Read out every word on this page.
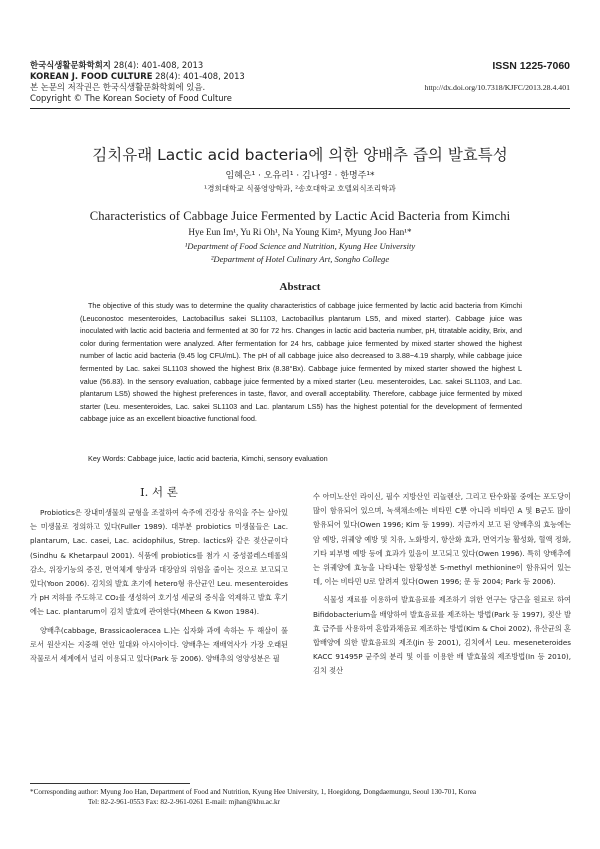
한국식생활문화학회지 28(4): 401-408, 2013
KOREAN J. FOOD CULTURE 28(4): 401-408, 2013
본 논문의 저작권은 한국식생활문화학회에 있음.
Copyright © The Korean Society of Food Culture
ISSN 1225-7060
http://dx.doi.org/10.7318/KJFC/2013.28.4.401
김치유래 Lactic acid bacteria에 의한 양배추 즙의 발효특성
임혜은¹ · 오유리¹ · 김나영² · 한명주¹*
¹경희대학교 식품영양학과, ²송호대학교 호텔외식조리학과
Characteristics of Cabbage Juice Fermented by Lactic Acid Bacteria from Kimchi
Hye Eun Im¹, Yu Ri Oh¹, Na Young Kim², Myung Joo Han¹*
¹Department of Food Science and Nutrition, Kyung Hee University
²Department of Hotel Culinary Art, Songho College
Abstract
The objective of this study was to determine the quality characteristics of cabbage juice fermented by lactic acid bacteria from Kimchi (Leuconostoc mesenteroides, Lactobacillus sakei SL1103, Lactobacillus plantarum LS5, and mixed starter). Cabbage juice was inoculated with lactic acid bacteria and fermented at 30 for 72 hrs. Changes in lactic acid bacteria number, pH, titratable acidity, Brix, and color during fermentation were analyzed. After fermentation for 24 hrs, cabbage juice fermented by mixed starter showed the highest number of lactic acid bacteria (9.45 log CFU/mL). The pH of all cabbage juice also decreased to 3.88~4.19 sharply, while cabbage juice fermented by Lac. sakei SL1103 showed the highest Brix (8.38°Bx). Cabbage juice fermented by mixed starter showed the highest L value (56.83). In the sensory evaluation, cabbage juice fermented by a mixed starter (Leu. mesenteroides, Lac. sakei SL1103, and Lac. plantarum LS5) showed the highest preferences in taste, flavor, and overall acceptability. Therefore, cabbage juice fermented by mixed starter (Leu. mesenteroides, Lac. sakei SL1103 and Lac. plantarum LS5) has the highest potential for the development of fermented cabbage juice as an excellent bioactive functional food.
Key Words: Cabbage juice, lactic acid bacteria, Kimchi, sensory evaluation
I. 서 론

Probiotics은 장내미생물의 균형을 조절하여 숙주에 건강상 유익을 주는 살아있는 미생물로 정의하고 있다(Fuller 1989). 대부분 probiotics 미생물들은 Lac. plantarum, Lac. casei, Lac. acidophilus, Strep. lactics와 같은 젖산균이다(Sindhu & Khetarpaul 2001). 식품에 probiotics를 첨가 시 중성콜레스테롤의 감소, 위장기능의 증진, 면역체계 향상과 대장암의 위험을 줄이는 것으로 보고되고 있다(Yoon 2006). 김치의 발효 초기에 hetero형 유산균인 Leu. mesenteroides가 pH 저하를 주도하고 CO₂를 생성하여 호기성 세균의 증식을 억제하고 발효 후기에는 Lac. plantarum이 김치 발효에 관여한다(Mheen & Kwon 1984).

양배추(cabbage, Brassicaoleracea L.)는 십자화 과에 속하는 두 해살이 풀로서 원산지는 지중해 연안 일대와 아시아이다. 양배추는 재배역사가 가장 오래된 작물로서 세계에서 널리 이용되고 있다(Park 등 2006). 양배추의 영양성분은 필

수 아미노산인 라이신, 필수 지방산인 리놀렌산, 그리고 탄수화물 중에는 포도당이 많이 함유되어 있으며, 녹색채소에는 비타민 C뿐 아니라 비타민 A 및 B군도 많이 함유되어 있다(Owen 1996; Kim 등 1999). 지금까지 보고 된 양배추의 효능에는 암 예방, 위궤양 예방 및 치유, 노화방지, 항산화 효과, 면역기능 활성화, 혈액 정화, 기타 피부병 예방 등에 효과가 있음이 보고되고 있다(Owen 1996). 특히 양배추에는 위궤양에 효능을 나타내는 함황성분 S-methyl methionine이 함유되어 있는데, 이는 비타민 U로 알려져 있다(Owen 1996; 문 등 2004; Park 등 2006).

식물성 재료를 이용하여 발효음료를 제조하기 위한 연구는 당근을 원료로 하여 Bifidobacterium을 배양하여 발효음료를 제조하는 방법(Park 등 1997), 젖산 발효 급주를 사용하여 혼합과채음료 제조하는 방법(Kim & Choi 2002), 유산균의 혼합배양에 의한 발효음료의 제조(Jin 등 2001), 김치에서 Leu. meseneteroides KACC 91495P 균주의 분리 및 이를 이용한 배 발효물의 제조방법(In 등 2010), 김치 젖산

*Corresponding author: Myung Joo Han, Department of Food and Nutrition, Kyung Hee University, 1, Hoegidong, Dongdaemungu, Seoul 130-701, Korea
Tel: 82-2-961-0553 Fax: 82-2-961-0261 E-mail: mjhan@khu.ac.kr
